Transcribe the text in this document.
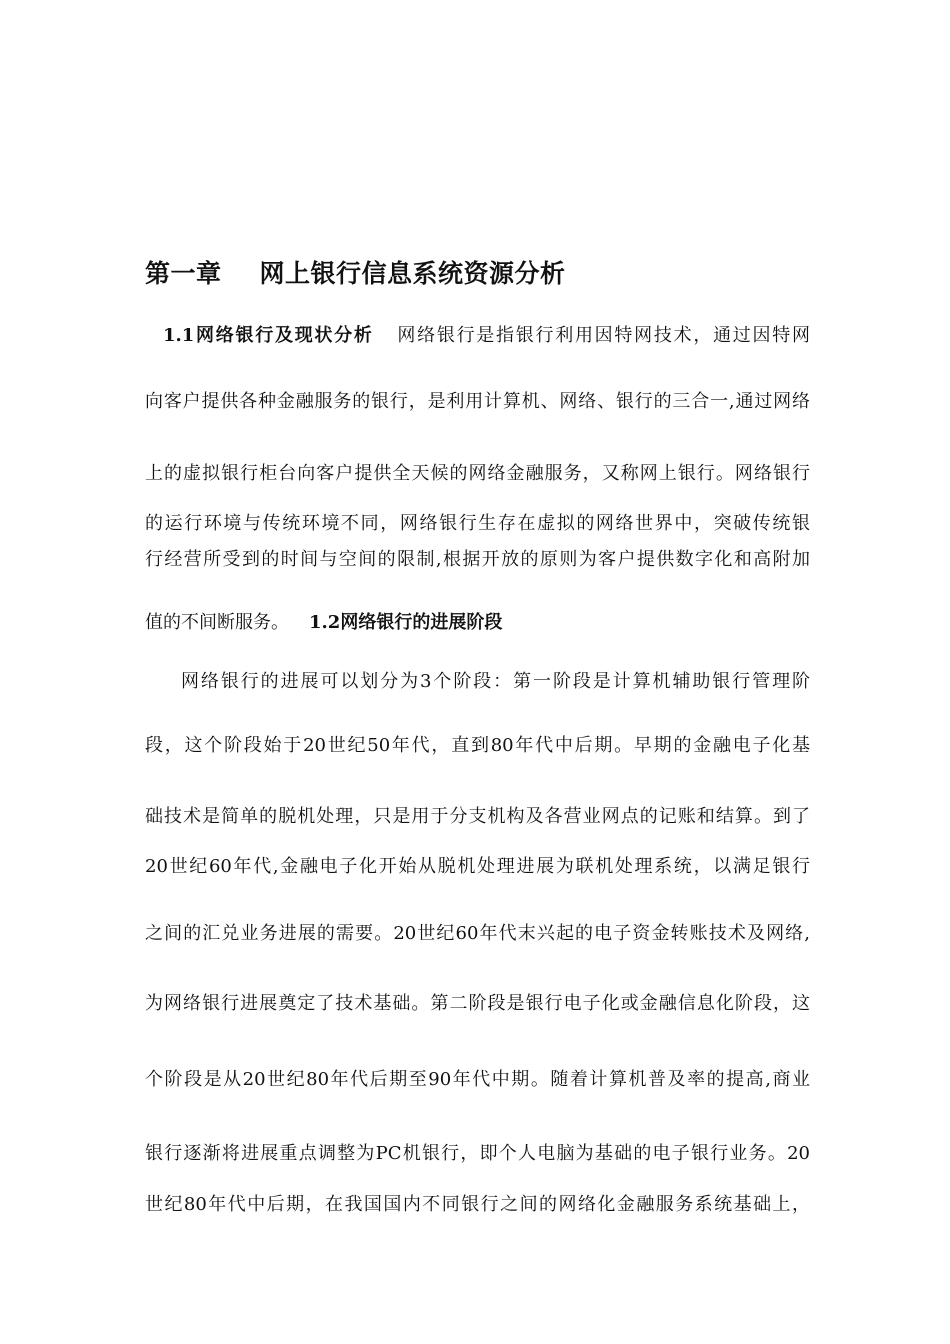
第一章 网上银行信息系统资源分析
1.1网络银行及现状分析 网络银行是指银行利用因特网技术，通过因特网
向客户提供各种金融服务的银行，是利用计算机、网络、银行的三合一,通过网络
上的虚拟银行柜台向客户提供全天候的网络金融服务，又称网上银行。网络银行
的运行环境与传统环境不同，网络银行生存在虚拟的网络世界中，突破传统银
行经营所受到的时间与空间的限制,根据开放的原则为客户提供数字化和高附加
值的不间断服务。 1.2网络银行的进展阶段
网络银行的进展可以划分为3个阶段：第一阶段是计算机辅助银行管理阶
段，这个阶段始于20世纪50年代，直到80年代中后期。早期的金融电子化基
础技术是简单的脱机处理，只是用于分支机构及各营业网点的记账和结算。到了
20世纪60年代,金融电子化开始从脱机处理进展为联机处理系统，以满足银行
之间的汇兑业务进展的需要。20世纪60年代末兴起的电子资金转账技术及网络,
为网络银行进展奠定了技术基础。第二阶段是银行电子化或金融信息化阶段，这
个阶段是从20世纪80年代后期至90年代中期。随着计算机普及率的提高,商业
银行逐渐将进展重点调整为PC机银行，即个人电脑为基础的电子银行业务。20
世纪80年代中后期，在我国国内不同银行之间的网络化金融服务系统基础上，
